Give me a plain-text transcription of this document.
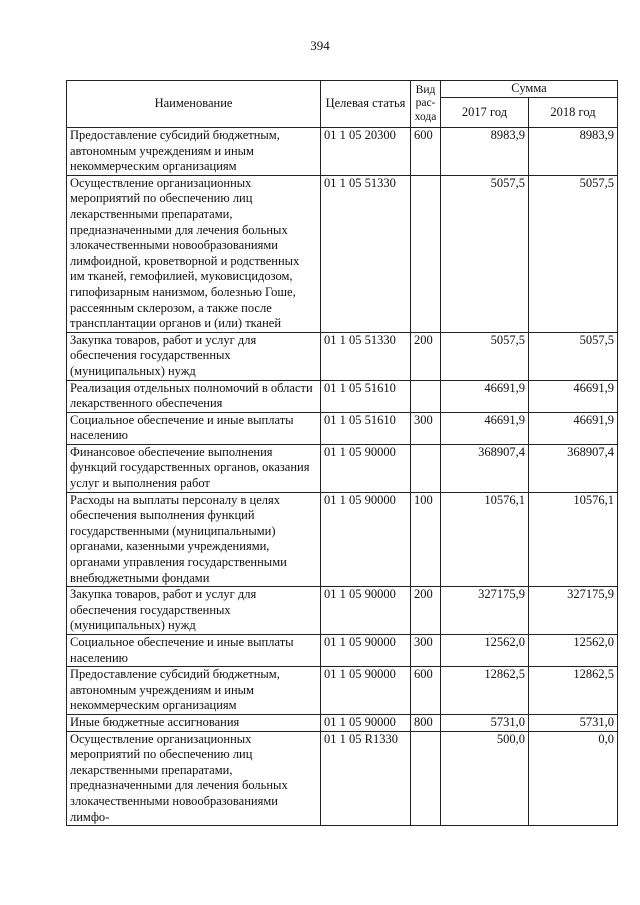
394
Наименование	Целевая статья	Вид рас-хода	Сумма	
			2017 год	2018 год
Предоставление субсидий бюджетным, автономным учреждениям и иным некоммерческим организациям	01 1 05 20300	600	8983,9	8983,9
Осуществление организационных мероприятий по обеспечению лиц лекарственными препаратами, предназначенными для лечения больных злокачественными новообразованиями лимфоидной, кроветворной и родственных им тканей, гемофилией, муковисцидозом, гипофизарным нанизмом, болезнью Гоше, рассеянным склерозом, а также после трансплантации органов и (или) тканей	01 1 05 51330		5057,5	5057,5
Закупка товаров, работ и услуг для обеспечения государственных (муниципальных) нужд	01 1 05 51330	200	5057,5	5057,5
Реализация отдельных полномочий в области лекарственного обеспечения	01 1 05 51610		46691,9	46691,9
Социальное обеспечение и иные выплаты населению	01 1 05 51610	300	46691,9	46691,9
Финансовое обеспечение выполнения функций государственных органов, оказания услуг и выполнения работ	01 1 05 90000		368907,4	368907,4
Расходы на выплаты персоналу в целях обеспечения выполнения функций государственными (муниципальными) органами, казенными учреждениями, органами управления государственными внебюджетными фондами	01 1 05 90000	100	10576,1	10576,1
Закупка товаров, работ и услуг для обеспечения государственных (муниципальных) нужд	01 1 05 90000	200	327175,9	327175,9
Социальное обеспечение и иные выплаты населению	01 1 05 90000	300	12562,0	12562,0
Предоставление субсидий бюджетным, автономным учреждениям и иным некоммерческим организациям	01 1 05 90000	600	12862,5	12862,5
Иные бюджетные ассигнования	01 1 05 90000	800	5731,0	5731,0
Осуществление организационных мероприятий по обеспечению лиц лекарственными препаратами, предназначенными для лечения больных злокачественными новообразованиями лимфо-	01 1 05 R1330		500,0	0,0
